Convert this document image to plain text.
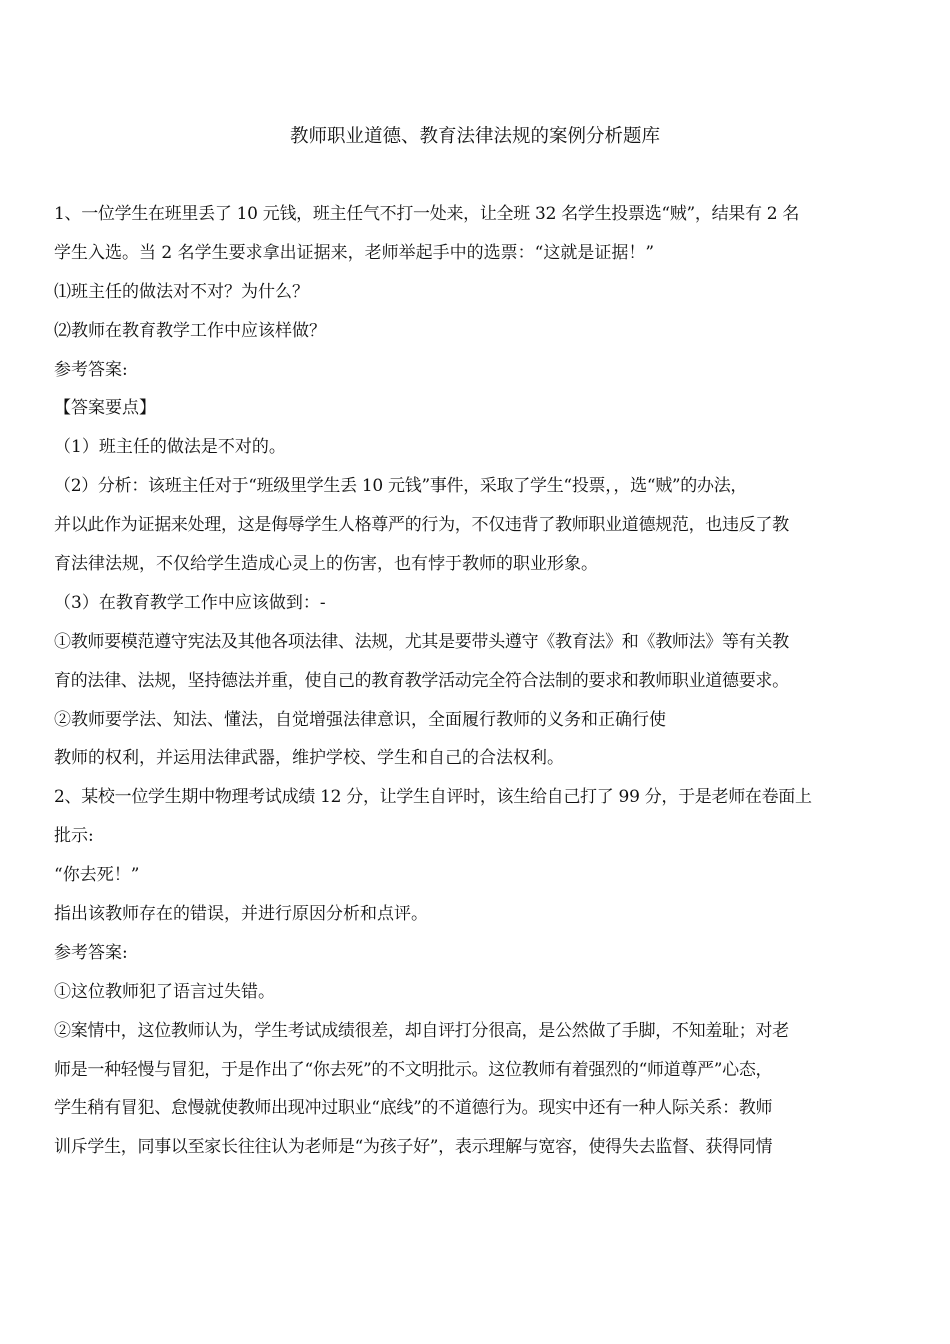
教师职业道德、教育法律法规的案例分析题库
1、一位学生在班里丢了 10 元钱，班主任气不打一处来，让全班 32 名学生投票选“贼”，结果有 2 名
学生入选。当 2 名学生要求拿出证据来，老师举起手中的选票：“这就是证据！”
⑴班主任的做法对不对？为什么？
⑵教师在教育教学工作中应该样做？
参考答案:
【答案要点】
（1）班主任的做法是不对的。
（2）分析：该班主任对于“班级里学生丢 10 元钱”事件，采取了学生“投票，，选“贼”的办法，
并以此作为证据来处理，这是侮辱学生人格尊严的行为，不仅违背了教师职业道德规范，也违反了教
育法律法规，不仅给学生造成心灵上的伤害，也有悖于教师的职业形象。
（3）在教育教学工作中应该做到：-
①教师要模范遵守宪法及其他各项法律、法规，尤其是要带头遵守《教育法》和《教师法》等有关教
育的法律、法规，坚持德法并重，使自己的教育教学活动完全符合法制的要求和教师职业道德要求。
②教师要学法、知法、懂法，自觉增强法律意识，全面履行教师的义务和正确行使
教师的权利，并运用法律武器，维护学校、学生和自己的合法权利。
2、某校一位学生期中物理考试成绩 12 分，让学生自评时，该生给自己打了 99 分，于是老师在卷面上
批示:
“你去死！”
指出该教师存在的错误，并进行原因分析和点评。
参考答案:
①这位教师犯了语言过失错。
②案情中，这位教师认为，学生考试成绩很差，却自评打分很高，是公然做了手脚，不知羞耻；对老
师是一种轻慢与冒犯，于是作出了“你去死”的不文明批示。这位教师有着强烈的“师道尊严”心态，
学生稍有冒犯、怠慢就使教师出现冲过职业“底线”的不道德行为。现实中还有一种人际关系：教师
训斥学生，同事以至家长往往认为老师是“为孩子好”，表示理解与宽容，使得失去监督、获得同情
